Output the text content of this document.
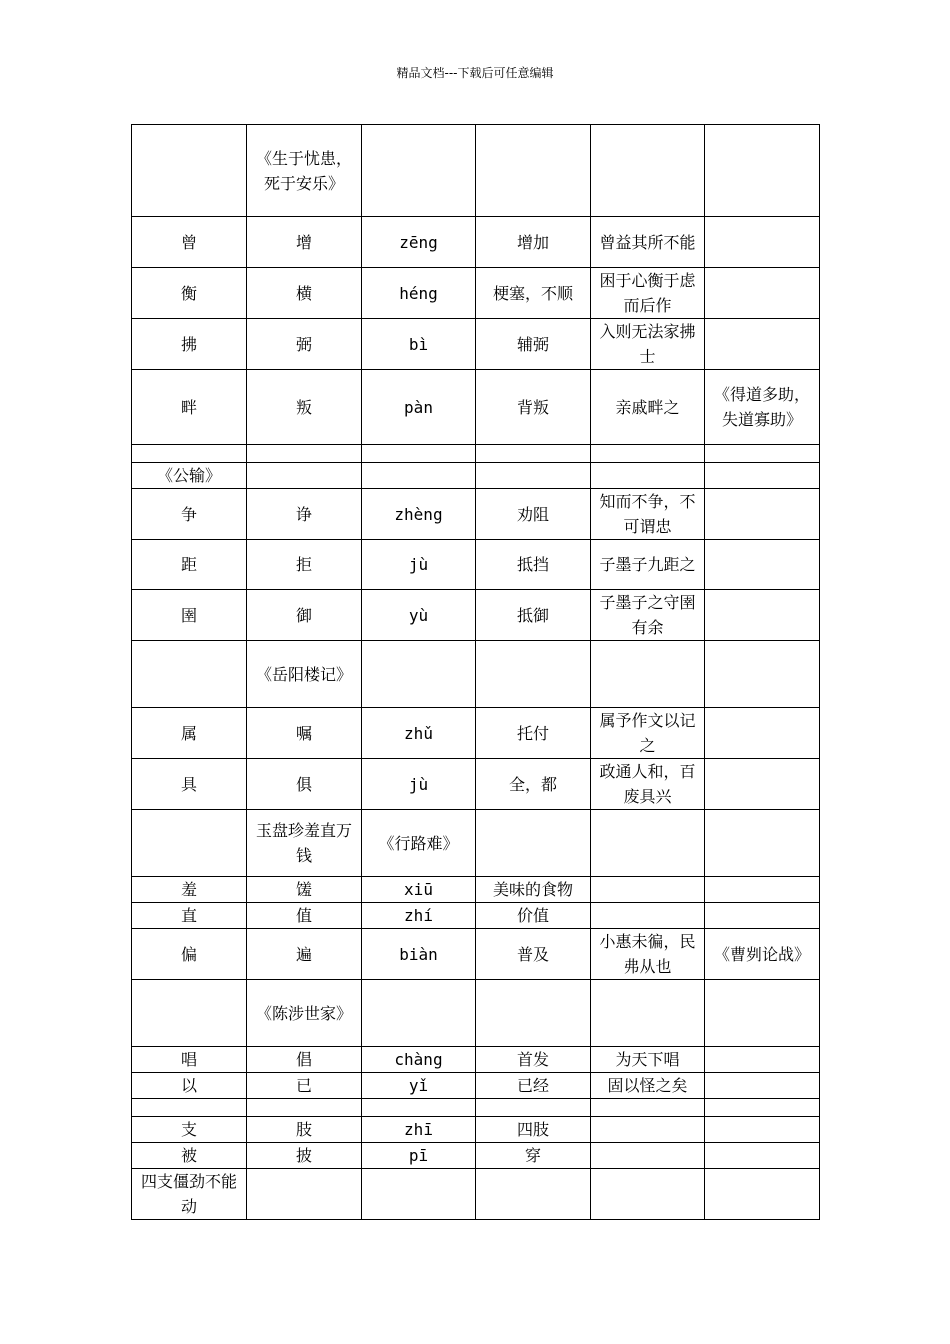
精品文档---下载后可任意编辑
	《生于忧患，死于安乐》				
曾	增	zēng	增加	曾益其所不能	
衡	横	héng	梗塞，不顺	困于心衡于虑而后作	
拂	弼	bì	辅弼	入则无法家拂士	
畔	叛	pàn	背叛	亲戚畔之	《得道多助，失道寡助》

《公输》					
争	诤	zhèng	劝阻	知而不争，不可谓忠	
距	拒	jù	抵挡	子墨子九距之	
圉	御	yù	抵御	子墨子之守圉有余	
	《岳阳楼记》				
属	嘱	zhǔ	托付	属予作文以记之	
具	俱	jù	全，都	政通人和，百废具兴	
	玉盘珍羞直万钱	《行路难》			
羞	馐	xiū	美味的食物		
直	值	zhí	价值		
偏	遍	biàn	普及	小惠未徧，民弗从也	《曹刿论战》
	《陈涉世家》				
唱	倡	chàng	首发	为天下唱	
以	已	yǐ	已经	固以怪之矣	

支	肢	zhī	四肢		
被	披	pī	穿		
四支僵劲不能动					
